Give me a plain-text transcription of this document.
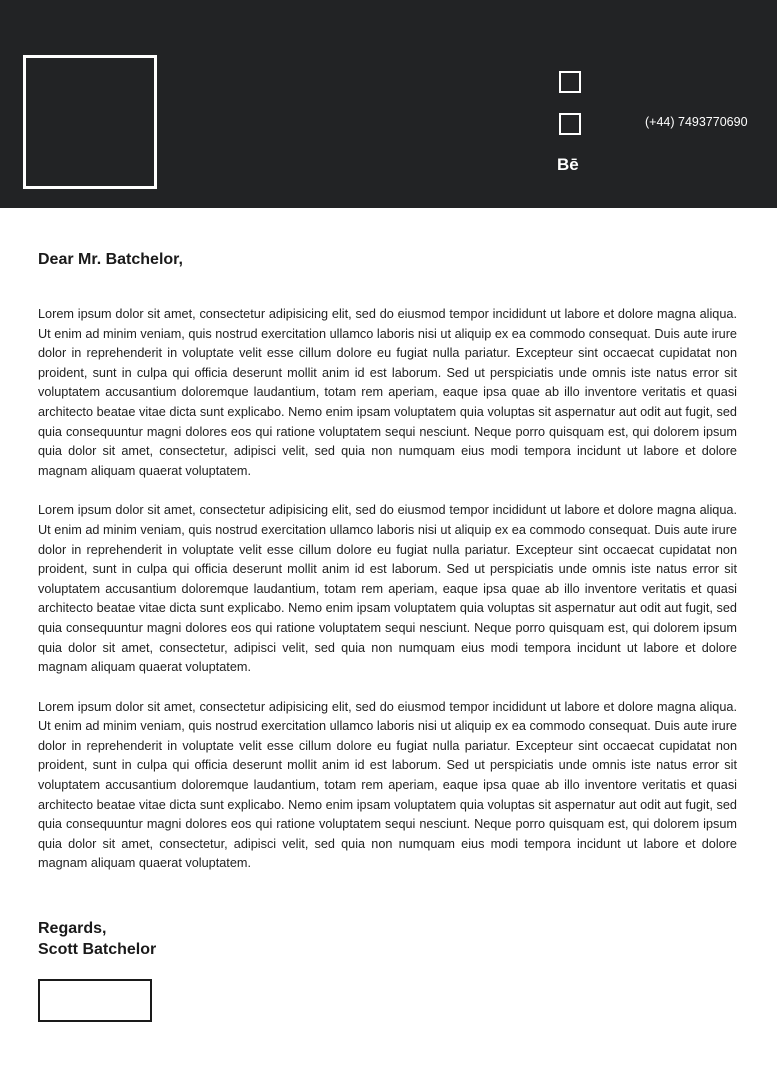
Bē
(+44) 7493770690
Dear Mr. Batchelor,

Lorem ipsum dolor sit amet, consectetur adipisicing elit, sed do eiusmod tempor incididunt ut labore et dolore magna aliqua. Ut enim ad minim veniam, quis nostrud exercitation ullamco laboris nisi ut aliquip ex ea commodo consequat. Duis aute irure dolor in reprehenderit in voluptate velit esse cillum dolore eu fugiat nulla pariatur. Excepteur sint occaecat cupidatat non proident, sunt in culpa qui officia deserunt mollit anim id est laborum. Sed ut perspiciatis unde omnis iste natus error sit voluptatem accusantium doloremque laudantium, totam rem aperiam, eaque ipsa quae ab illo inventore veritatis et quasi architecto beatae vitae dicta sunt explicabo. Nemo enim ipsam voluptatem quia voluptas sit aspernatur aut odit aut fugit, sed quia consequuntur magni dolores eos qui ratione voluptatem sequi nesciunt. Neque porro quisquam est, qui dolorem ipsum quia dolor sit amet, consectetur, adipisci velit, sed quia non numquam eius modi tempora incidunt ut labore et dolore magnam aliquam quaerat voluptatem.

Lorem ipsum dolor sit amet, consectetur adipisicing elit, sed do eiusmod tempor incididunt ut labore et dolore magna aliqua. Ut enim ad minim veniam, quis nostrud exercitation ullamco laboris nisi ut aliquip ex ea commodo consequat. Duis aute irure dolor in reprehenderit in voluptate velit esse cillum dolore eu fugiat nulla pariatur. Excepteur sint occaecat cupidatat non proident, sunt in culpa qui officia deserunt mollit anim id est laborum. Sed ut perspiciatis unde omnis iste natus error sit voluptatem accusantium doloremque laudantium, totam rem aperiam, eaque ipsa quae ab illo inventore veritatis et quasi architecto beatae vitae dicta sunt explicabo. Nemo enim ipsam voluptatem quia voluptas sit aspernatur aut odit aut fugit, sed quia consequuntur magni dolores eos qui ratione voluptatem sequi nesciunt. Neque porro quisquam est, qui dolorem ipsum quia dolor sit amet, consectetur, adipisci velit, sed quia non numquam eius modi tempora incidunt ut labore et dolore magnam aliquam quaerat voluptatem.

Lorem ipsum dolor sit amet, consectetur adipisicing elit, sed do eiusmod tempor incididunt ut labore et dolore magna aliqua. Ut enim ad minim veniam, quis nostrud exercitation ullamco laboris nisi ut aliquip ex ea commodo consequat. Duis aute irure dolor in reprehenderit in voluptate velit esse cillum dolore eu fugiat nulla pariatur. Excepteur sint occaecat cupidatat non proident, sunt in culpa qui officia deserunt mollit anim id est laborum. Sed ut perspiciatis unde omnis iste natus error sit voluptatem accusantium doloremque laudantium, totam rem aperiam, eaque ipsa quae ab illo inventore veritatis et quasi architecto beatae vitae dicta sunt explicabo. Nemo enim ipsam voluptatem quia voluptas sit aspernatur aut odit aut fugit, sed quia consequuntur magni dolores eos qui ratione voluptatem sequi nesciunt. Neque porro quisquam est, qui dolorem ipsum quia dolor sit amet, consectetur, adipisci velit, sed quia non numquam eius modi tempora incidunt ut labore et dolore magnam aliquam quaerat voluptatem.

Regards,
Scott Batchelor
